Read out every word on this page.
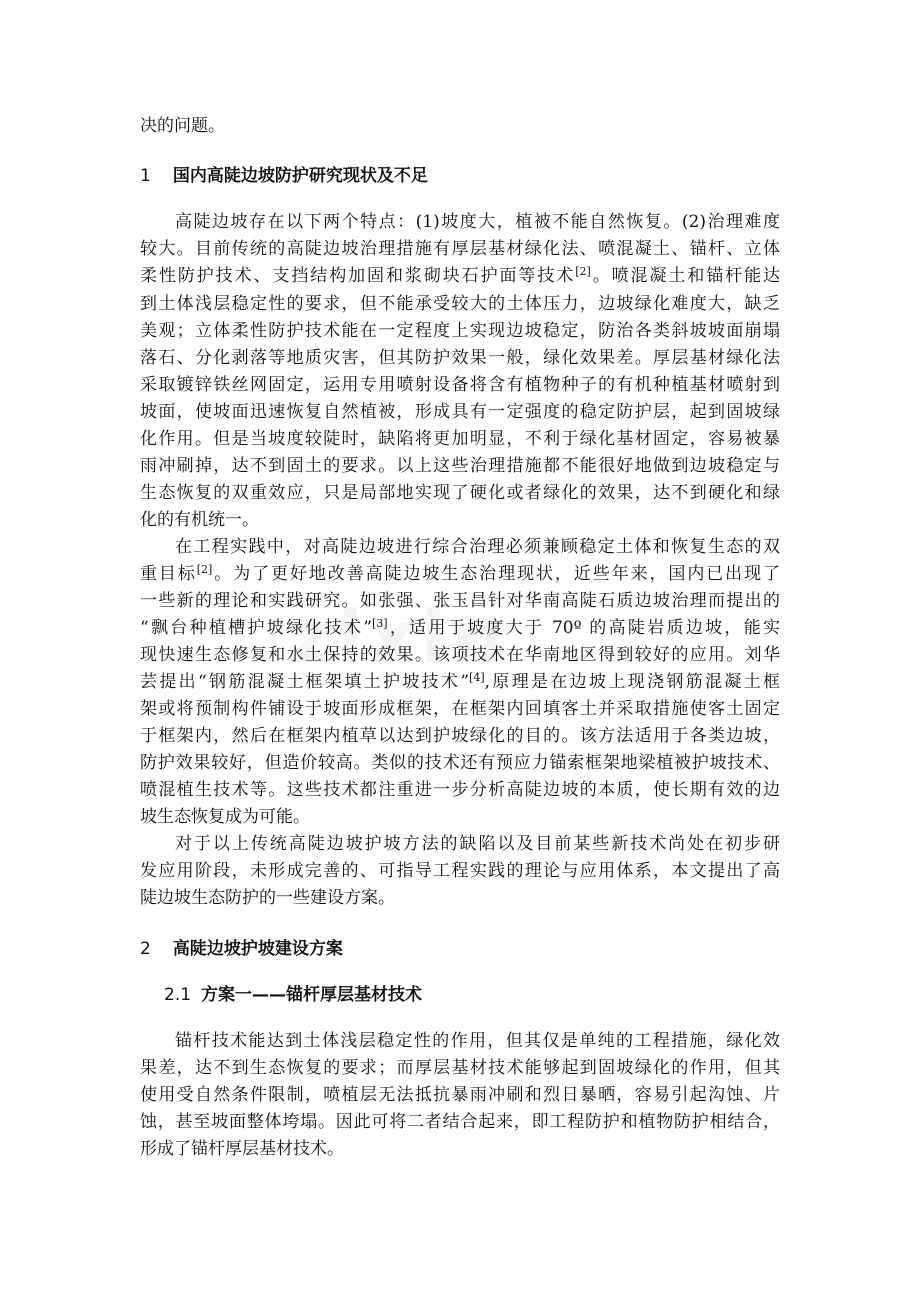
决的问题。
1 国内高陡边坡防护研究现状及不足
高陡边坡存在以下两个特点：(1)坡度大，植被不能自然恢复。(2)治理难度
较大。目前传统的高陡边坡治理措施有厚层基材绿化法、喷混凝土、锚杆、立体
柔性防护技术、支挡结构加固和浆砌块石护面等技术[2]。喷混凝土和锚杆能达
到土体浅层稳定性的要求，但不能承受较大的土体压力，边坡绿化难度大，缺乏
美观；立体柔性防护技术能在一定程度上实现边坡稳定，防治各类斜坡坡面崩塌
落石、分化剥落等地质灾害，但其防护效果一般，绿化效果差。厚层基材绿化法
采取镀锌铁丝网固定，运用专用喷射设备将含有植物种子的有机种植基材喷射到
坡面，使坡面迅速恢复自然植被，形成具有一定强度的稳定防护层，起到固坡绿
化作用。但是当坡度较陡时，缺陷将更加明显，不利于绿化基材固定，容易被暴
雨冲刷掉，达不到固土的要求。以上这些治理措施都不能很好地做到边坡稳定与
生态恢复的双重效应，只是局部地实现了硬化或者绿化的效果，达不到硬化和绿
化的有机统一。
在工程实践中，对高陡边坡进行综合治理必须兼顾稳定土体和恢复生态的双
重目标[2]。为了更好地改善高陡边坡生态治理现状，近些年来，国内已出现了
一些新的理论和实践研究。如张强、张玉昌针对华南高陡石质边坡治理而提出的
“飘台种植槽护坡绿化技术”[3]，适用于坡度大于 70º 的高陡岩质边坡，能实
现快速生态修复和水土保持的效果。该项技术在华南地区得到较好的应用。刘华
芸提出“钢筋混凝土框架填土护坡技术”[4],原理是在边坡上现浇钢筋混凝土框
架或将预制构件铺设于坡面形成框架，在框架内回填客土并采取措施使客土固定
于框架内，然后在框架内植草以达到护坡绿化的目的。该方法适用于各类边坡，
防护效果较好，但造价较高。类似的技术还有预应力锚索框架地梁植被护坡技术、
喷混植生技术等。这些技术都注重进一步分析高陡边坡的本质，使长期有效的边
坡生态恢复成为可能。
对于以上传统高陡边坡护坡方法的缺陷以及目前某些新技术尚处在初步研
发应用阶段，未形成完善的、可指导工程实践的理论与应用体系，本文提出了高
陡边坡生态防护的一些建设方案。
2 高陡边坡护坡建设方案
2.1 方案一——锚杆厚层基材技术
锚杆技术能达到土体浅层稳定性的作用，但其仅是单纯的工程措施，绿化效
果差，达不到生态恢复的要求；而厚层基材技术能够起到固坡绿化的作用，但其
使用受自然条件限制，喷植层无法抵抗暴雨冲刷和烈日暴晒，容易引起沟蚀、片
蚀，甚至坡面整体垮塌。因此可将二者结合起来，即工程防护和植物防护相结合，
形成了锚杆厚层基材技术。
